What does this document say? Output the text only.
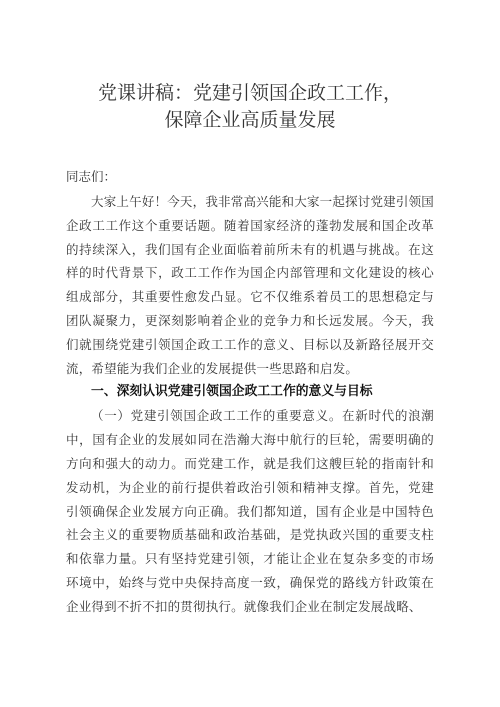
党课讲稿：党建引领国企政工工作，
保障企业高质量发展

同志们：

大家上午好！今天，我非常高兴能和大家一起探讨党建引领国企政工工作这个重要话题。随着国家经济的蓬勃发展和国企改革的持续深入，我们国有企业面临着前所未有的机遇与挑战。在这样的时代背景下，政工工作作为国企内部管理和文化建设的核心组成部分，其重要性愈发凸显。它不仅维系着员工的思想稳定与团队凝聚力，更深刻影响着企业的竞争力和长远发展。今天，我们就围绕党建引领国企政工工作的意义、目标以及新路径展开交流，希望能为我们企业的发展提供一些思路和启发。

一、深刻认识党建引领国企政工工作的意义与目标

（一）党建引领国企政工工作的重要意义。在新时代的浪潮中，国有企业的发展如同在浩瀚大海中航行的巨轮，需要明确的方向和强大的动力。而党建工作，就是我们这艘巨轮的指南针和发动机，为企业的前行提供着政治引领和精神支撑。首先，党建引领确保企业发展方向正确。我们都知道，国有企业是中国特色社会主义的重要物质基础和政治基础，是党执政兴国的重要支柱和依靠力量。只有坚持党建引领，才能让企业在复杂多变的市场环境中，始终与党中央保持高度一致，确保党的路线方针政策在企业得到不折不扣的贯彻执行。就像我们企业在制定发展战略、
